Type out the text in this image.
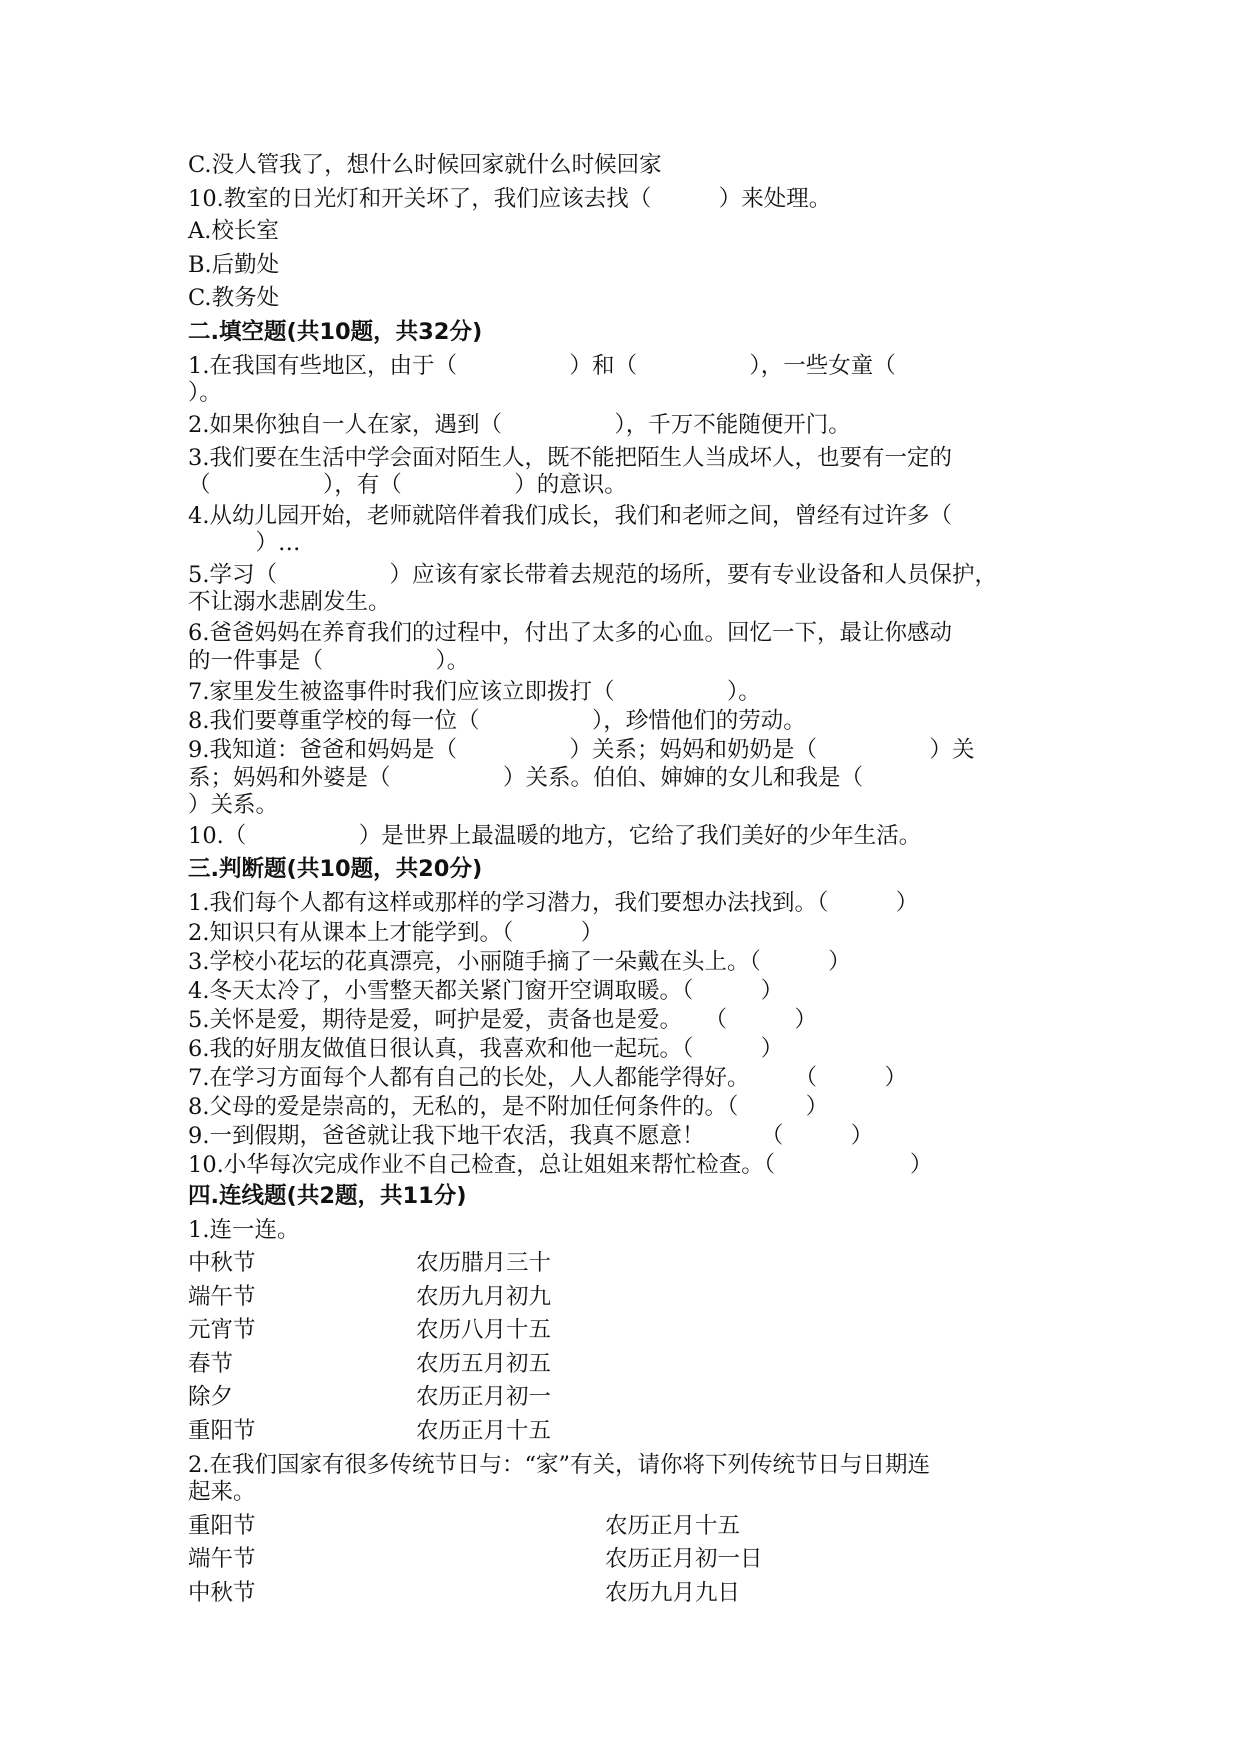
C.没人管我了，想什么时候回家就什么时候回家
10.教室的日光灯和开关坏了，我们应该去找（　　　）来处理。
A.校长室
B.后勤处
C.教务处
二.填空题(共10题，共32分)
1.在我国有些地区，由于（　　　　　）和（　　　　　），一些女童（
）。
2.如果你独自一人在家，遇到（　　　　　），千万不能随便开门。
3.我们要在生活中学会面对陌生人，既不能把陌生人当成坏人，也要有一定的
（　　　　　），有（　　　　　）的意识。
4.从幼儿园开始，老师就陪伴着我们成长，我们和老师之间，曾经有过许多（
　　　）…
5.学习（　　　　　）应该有家长带着去规范的场所，要有专业设备和人员保护，
不让溺水悲剧发生。
6.爸爸妈妈在养育我们的过程中，付出了太多的心血。回忆一下，最让你感动
的一件事是（　　　　　）。
7.家里发生被盗事件时我们应该立即拨打（　　　　　）。
8.我们要尊重学校的每一位（　　　　　），珍惜他们的劳动。
9.我知道：爸爸和妈妈是（　　　　　）关系；妈妈和奶奶是（　　　　　）关
系；妈妈和外婆是（　　　　　）关系。伯伯、婶婶的女儿和我是（
）关系。
10.（　　　　　）是世界上最温暖的地方，它给了我们美好的少年生活。
三.判断题(共10题，共20分)
1.我们每个人都有这样或那样的学习潜力，我们要想办法找到。（　　　）
2.知识只有从课本上才能学到。（　　　）
3.学校小花坛的花真漂亮，小丽随手摘了一朵戴在头上。（　　　）
4.冬天太冷了，小雪整天都关紧门窗开空调取暖。（　　　）
5.关怀是爱，期待是爱，呵护是爱，责备也是爱。　　（　　　）
6.我的好朋友做值日很认真，我喜欢和他一起玩。（　　　）
7.在学习方面每个人都有自己的长处，人人都能学得好。　　　（　　　）
8.父母的爱是崇高的，无私的，是不附加任何条件的。（　　　）
9.一到假期，爸爸就让我下地干农活，我真不愿意！　　　（　　　）
10.小华每次完成作业不自己检查，总让姐姐来帮忙检查。（　　　　　　）
四.连线题(共2题，共11分)
1.连一连。
中秋节	农历腊月三十
端午节	农历九月初九
元宵节	农历八月十五
春节	农历五月初五
除夕	农历正月初一
重阳节	农历正月十五
2.在我们国家有很多传统节日与：“家”有关，请你将下列传统节日与日期连
起来。
重阳节	农历正月十五
端午节	农历正月初一日
中秋节	农历九月九日
